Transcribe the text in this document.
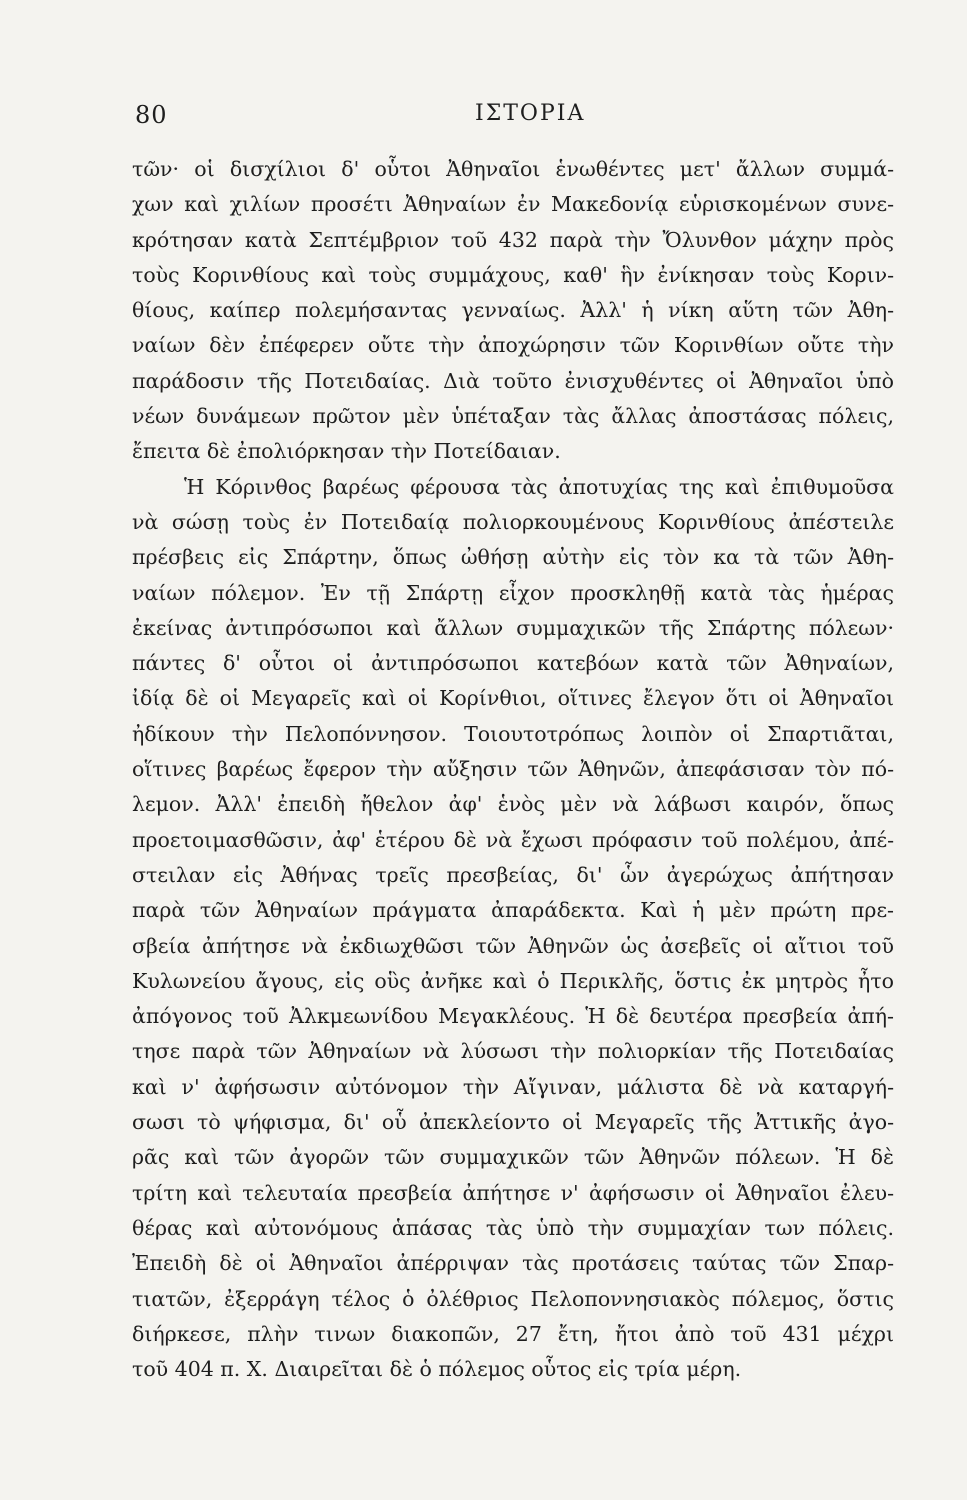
80	ΙΣΤΟΡΙΑ
τῶν· οἱ δισχίλιοι δ' οὗτοι Ἀθηναῖοι ἑνωθέντες μετ' ἄλλων συμμά-
χων καὶ χιλίων προσέτι Ἀθηναίων ἐν Μακεδονίᾳ εὑρισκομένων συνε-
κρότησαν κατὰ Σεπτέμβριον τοῦ 432 παρὰ τὴν Ὄλυνθον μάχην πρὸς
τοὺς Κορινθίους καὶ τοὺς συμμάχους, καθ' ἣν ἐνίκησαν τοὺς Κοριν-
θίους, καίπερ πολεμήσαντας γενναίως. Ἀλλ' ἡ νίκη αὕτη τῶν Ἀθη-
ναίων δὲν ἐπέφερεν οὔτε τὴν ἀποχώρησιν τῶν Κορινθίων οὔτε τὴν
παράδοσιν τῆς Ποτειδαίας. Διὰ τοῦτο ἐνισχυθέντες οἱ Ἀθηναῖοι ὑπὸ
νέων δυνάμεων πρῶτον μὲν ὑπέταξαν τὰς ἄλλας ἀποστάσας πόλεις,
ἔπειτα δὲ ἐπολιόρκησαν τὴν Ποτείδαιαν.
Ἡ Κόρινθος βαρέως φέρουσα τὰς ἀποτυχίας της καὶ ἐπιθυμοῦσα
νὰ σώσῃ τοὺς ἐν Ποτειδαίᾳ πολιορκουμένους Κορινθίους ἀπέστειλε
πρέσβεις εἰς Σπάρτην, ὅπως ὠθήσῃ αὐτὴν εἰς τὸν κα τὰ τῶν Ἀθη-
ναίων πόλεμον. Ἐν τῇ Σπάρτῃ εἶχον προσκληθῇ κατὰ τὰς ἡμέρας
ἐκείνας ἀντιπρόσωποι καὶ ἄλλων συμμαχικῶν τῆς Σπάρτης πόλεων·
πάντες δ' οὗτοι οἱ ἀντιπρόσωποι κατεβόων κατὰ τῶν Ἀθηναίων,
ἰδίᾳ δὲ οἱ Μεγαρεῖς καὶ οἱ Κορίνθιοι, οἵτινες ἔλεγον ὅτι οἱ Ἀθηναῖοι
ἠδίκουν τὴν Πελοπόννησον. Τοιουτοτρόπως λοιπὸν οἱ Σπαρτιᾶται,
οἵτινες βαρέως ἔφερον τὴν αὔξησιν τῶν Ἀθηνῶν, ἀπεφάσισαν τὸν πό-
λεμον. Ἀλλ' ἐπειδὴ ἤθελον ἀφ' ἑνὸς μὲν νὰ λάβωσι καιρόν, ὅπως
προετοιμασθῶσιν, ἀφ' ἑτέρου δὲ νὰ ἔχωσι πρόφασιν τοῦ πολέμου, ἀπέ-
στειλαν εἰς Ἀθήνας τρεῖς πρεσβείας, δι' ὧν ἀγερώχως ἀπήτησαν
παρὰ τῶν Ἀθηναίων πράγματα ἀπαράδεκτα. Καὶ ἡ μὲν πρώτη πρε-
σβεία ἀπήτησε νὰ ἐκδιωχθῶσι τῶν Ἀθηνῶν ὡς ἀσεβεῖς οἱ αἴτιοι τοῦ
Κυλωνείου ἄγους, εἰς οὓς ἀνῆκε καὶ ὁ Περικλῆς, ὅστις ἐκ μητρὸς ἦτο
ἀπόγονος τοῦ Ἀλκμεωνίδου Μεγακλέους. Ἡ δὲ δευτέρα πρεσβεία ἀπή-
τησε παρὰ τῶν Ἀθηναίων νὰ λύσωσι τὴν πολιορκίαν τῆς Ποτειδαίας
καὶ ν' ἀφήσωσιν αὐτόνομον τὴν Αἴγιναν, μάλιστα δὲ νὰ καταργή-
σωσι τὸ ψήφισμα, δι' οὗ ἀπεκλείοντο οἱ Μεγαρεῖς τῆς Ἀττικῆς ἀγο-
ρᾶς καὶ τῶν ἀγορῶν τῶν συμμαχικῶν τῶν Ἀθηνῶν πόλεων. Ἡ δὲ
τρίτη καὶ τελευταία πρεσβεία ἀπήτησε ν' ἀφήσωσιν οἱ Ἀθηναῖοι ἐλευ-
θέρας καὶ αὐτονόμους ἁπάσας τὰς ὑπὸ τὴν συμμαχίαν των πόλεις.
Ἐπειδὴ δὲ οἱ Ἀθηναῖοι ἀπέρριψαν τὰς προτάσεις ταύτας τῶν Σπαρ-
τιατῶν, ἐξερράγη τέλος ὁ ὀλέθριος Πελοποννησιακὸς πόλεμος, ὅστις
διήρκεσε, πλὴν τινων διακοπῶν, 27 ἔτη, ἤτοι ἀπὸ τοῦ 431 μέχρι
τοῦ 404 π. Χ. Διαιρεῖται δὲ ὁ πόλεμος οὗτος εἰς τρία μέρη.
